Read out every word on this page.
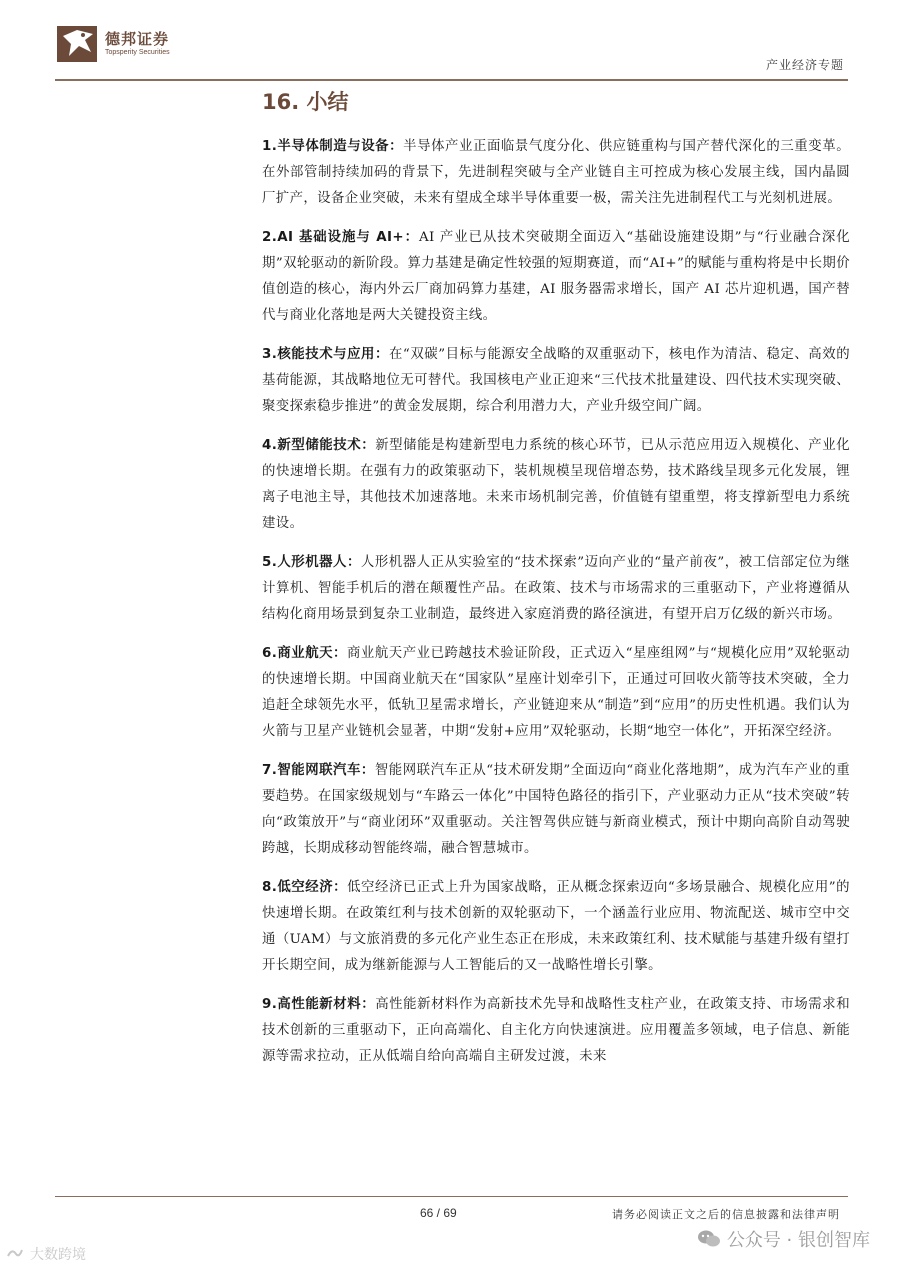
德邦证券
Topsperity Securities
产业经济专题
16. 小结

1.半导体制造与设备：半导体产业正面临景气度分化、供应链重构与国产替代深化的三重变革。在外部管制持续加码的背景下，先进制程突破与全产业链自主可控成为核心发展主线，国内晶圆厂扩产，设备企业突破，未来有望成全球半导体重要一极，需关注先进制程代工与光刻机进展。

2.AI 基础设施与 AI+：AI 产业已从技术突破期全面迈入“基础设施建设期”与“行业融合深化期”双轮驱动的新阶段。算力基建是确定性较强的短期赛道，而“AI+”的赋能与重构将是中长期价值创造的核心，海内外云厂商加码算力基建，AI 服务器需求增长，国产 AI 芯片迎机遇，国产替代与商业化落地是两大关键投资主线。

3.核能技术与应用：在“双碳”目标与能源安全战略的双重驱动下，核电作为清洁、稳定、高效的基荷能源，其战略地位无可替代。我国核电产业正迎来“三代技术批量建设、四代技术实现突破、聚变探索稳步推进”的黄金发展期，综合利用潜力大，产业升级空间广阔。

4.新型储能技术：新型储能是构建新型电力系统的核心环节，已从示范应用迈入规模化、产业化的快速增长期。在强有力的政策驱动下，装机规模呈现倍增态势，技术路线呈现多元化发展，锂离子电池主导，其他技术加速落地。未来市场机制完善，价值链有望重塑，将支撑新型电力系统建设。

5.人形机器人：人形机器人正从实验室的“技术探索”迈向产业的“量产前夜”，被工信部定位为继计算机、智能手机后的潜在颠覆性产品。在政策、技术与市场需求的三重驱动下，产业将遵循从结构化商用场景到复杂工业制造，最终进入家庭消费的路径演进，有望开启万亿级的新兴市场。

6.商业航天：商业航天产业已跨越技术验证阶段，正式迈入“星座组网”与“规模化应用”双轮驱动的快速增长期。中国商业航天在“国家队”星座计划牵引下，正通过可回收火箭等技术突破，全力追赶全球领先水平，低轨卫星需求增长，产业链迎来从“制造”到“应用”的历史性机遇。我们认为火箭与卫星产业链机会显著，中期“发射+应用”双轮驱动，长期“地空一体化”，开拓深空经济。

7.智能网联汽车：智能网联汽车正从“技术研发期”全面迈向“商业化落地期”，成为汽车产业的重要趋势。在国家级规划与“车路云一体化”中国特色路径的指引下，产业驱动力正从“技术突破”转向“政策放开”与“商业闭环”双重驱动。关注智驾供应链与新商业模式，预计中期向高阶自动驾驶跨越，长期成移动智能终端，融合智慧城市。

8.低空经济：低空经济已正式上升为国家战略，正从概念探索迈向“多场景融合、规模化应用”的快速增长期。在政策红利与技术创新的双轮驱动下，一个涵盖行业应用、物流配送、城市空中交通（UAM）与文旅消费的多元化产业生态正在形成，未来政策红利、技术赋能与基建升级有望打开长期空间，成为继新能源与人工智能后的又一战略性增长引擎。

9.高性能新材料：高性能新材料作为高新技术先导和战略性支柱产业，在政策支持、市场需求和技术创新的三重驱动下，正向高端化、自主化方向快速演进。应用覆盖多领域，电子信息、新能源等需求拉动，正从低端自给向高端自主研发过渡，未来

66 / 69	请务必阅读正文之后的信息披露和法律声明
大数跨境
公众号 · 银创智库
